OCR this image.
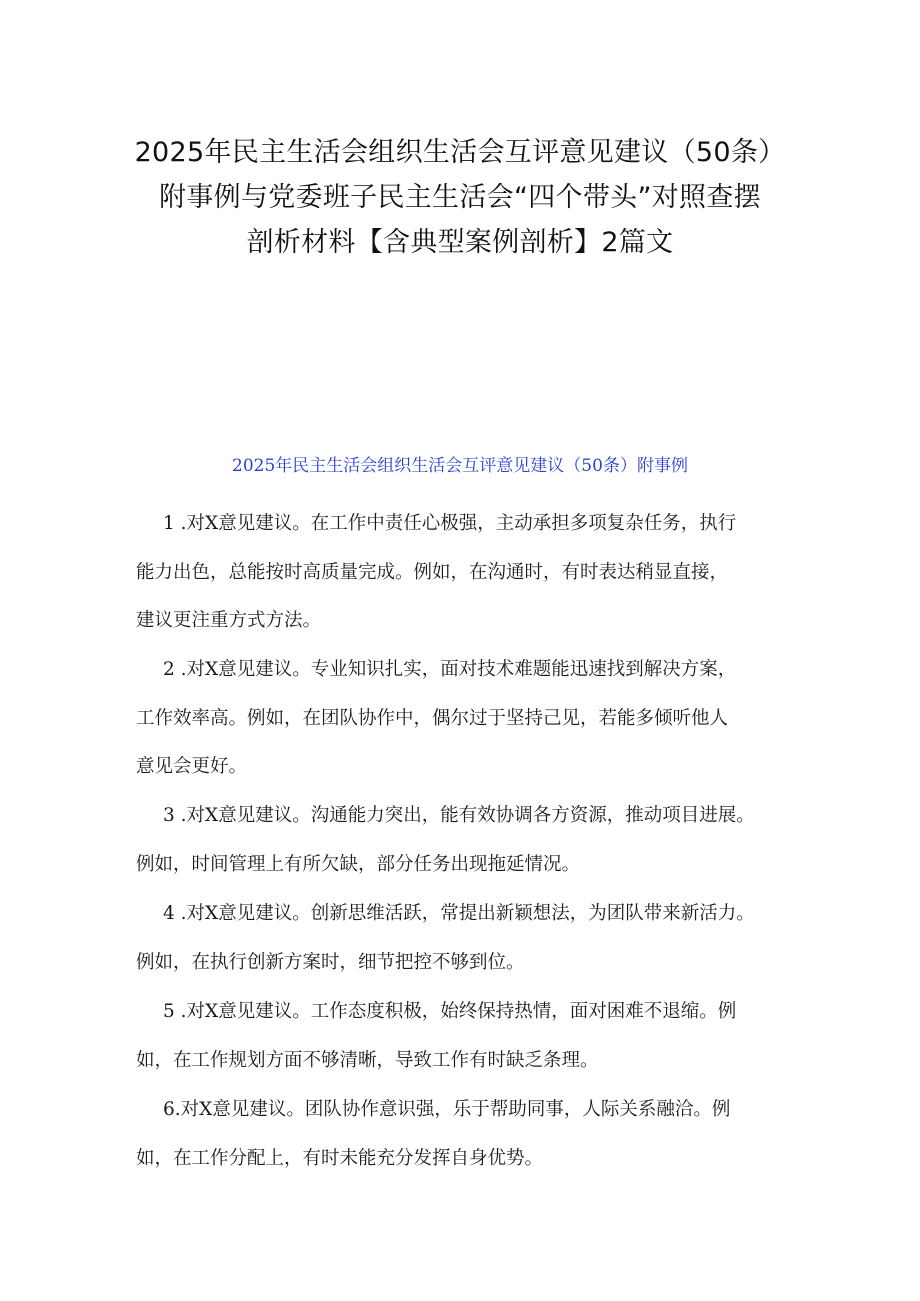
2025年民主生活会组织生活会互评意见建议（50条）
附事例与党委班子民主生活会“四个带头”对照查摆
剖析材料【含典型案例剖析】2篇文
2025年民主生活会组织生活会互评意见建议（50条）附事例
1 .对X意见建议。在工作中责任心极强，主动承担多项复杂任务，执行
能力出色，总能按时高质量完成。例如，在沟通时，有时表达稍显直接，
建议更注重方式方法。
2 .对X意见建议。专业知识扎实，面对技术难题能迅速找到解决方案，
工作效率高。例如，在团队协作中，偶尔过于坚持己见，若能多倾听他人
意见会更好。
3 .对X意见建议。沟通能力突出，能有效协调各方资源，推动项目进展。
例如，时间管理上有所欠缺，部分任务出现拖延情况。
4 .对X意见建议。创新思维活跃，常提出新颖想法，为团队带来新活力。
例如，在执行创新方案时，细节把控不够到位。
5 .对X意见建议。工作态度积极，始终保持热情，面对困难不退缩。例
如，在工作规划方面不够清晰，导致工作有时缺乏条理。
6.对X意见建议。团队协作意识强，乐于帮助同事，人际关系融洽。例
如，在工作分配上，有时未能充分发挥自身优势。
